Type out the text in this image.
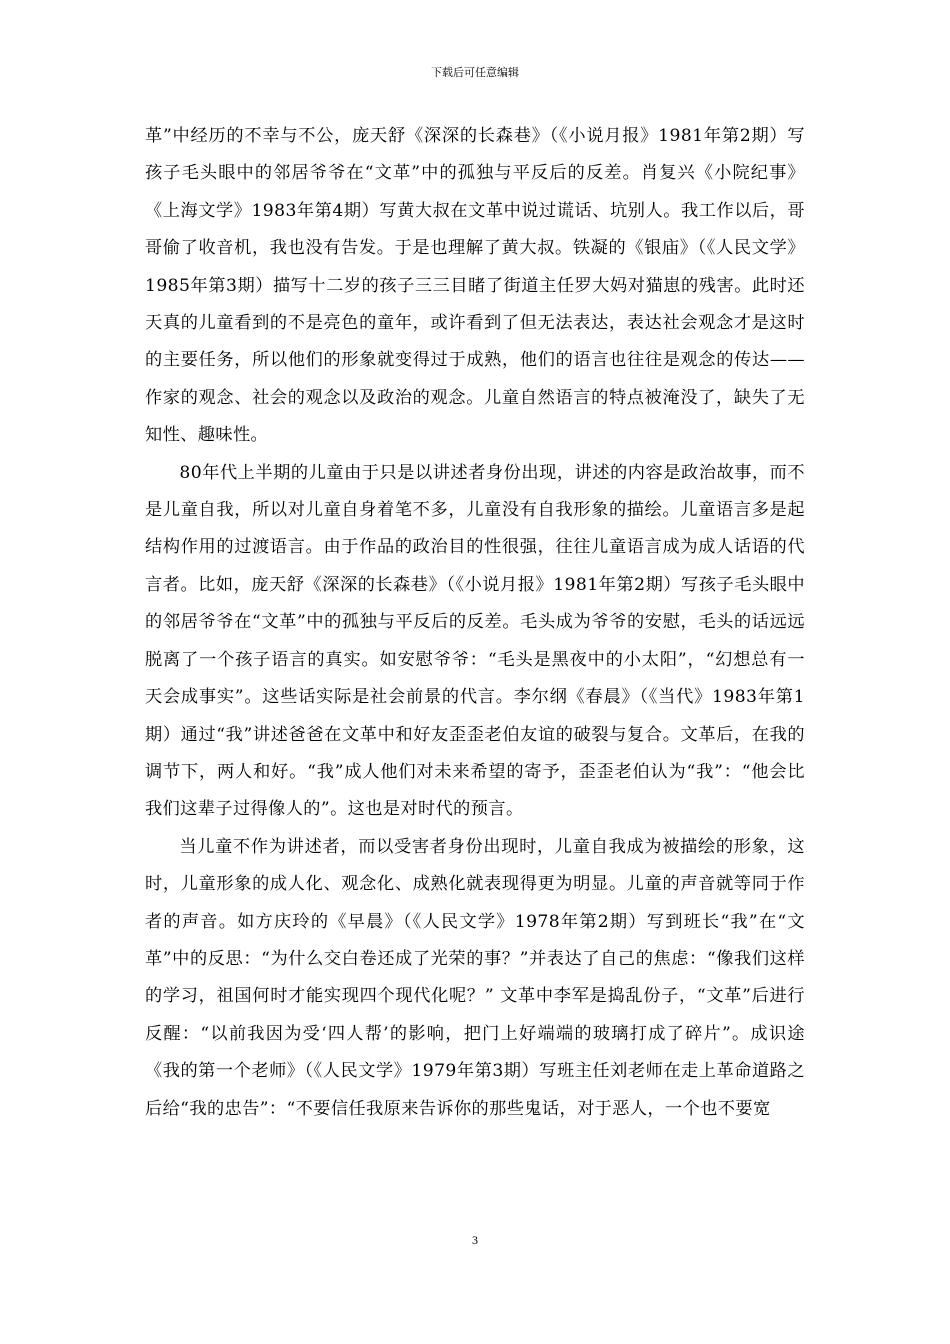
下载后可任意编辑

革”中经历的不幸与不公，庞天舒《深深的长森巷》（《小说月报》1981年第2期）写孩子毛头眼中的邻居爷爷在“文革”中的孤独与平反后的反差。肖复兴《小院纪事》《上海文学》1983年第4期）写黄大叔在文革中说过谎话、坑别人。我工作以后，哥哥偷了收音机，我也没有告发。于是也理解了黄大叔。铁凝的《银庙》（《人民文学》1985年第3期）描写十二岁的孩子三三目睹了街道主任罗大妈对猫崽的残害。此时还天真的儿童看到的不是亮色的童年，或许看到了但无法表达，表达社会观念才是这时的主要任务，所以他们的形象就变得过于成熟，他们的语言也往往是观念的传达——作家的观念、社会的观念以及政治的观念。儿童自然语言的特点被淹没了，缺失了无知性、趣味性。

80年代上半期的儿童由于只是以讲述者身份出现，讲述的内容是政治故事，而不是儿童自我，所以对儿童自身着笔不多，儿童没有自我形象的描绘。儿童语言多是起结构作用的过渡语言。由于作品的政治目的性很强，往往儿童语言成为成人话语的代言者。比如，庞天舒《深深的长森巷》（《小说月报》1981年第2期）写孩子毛头眼中的邻居爷爷在“文革”中的孤独与平反后的反差。毛头成为爷爷的安慰，毛头的话远远脱离了一个孩子语言的真实。如安慰爷爷：“毛头是黑夜中的小太阳”，“幻想总有一天会成事实”。这些话实际是社会前景的代言。李尔纲《春晨》（《当代》1983年第1期）通过“我”讲述爸爸在文革中和好友歪歪老伯友谊的破裂与复合。文革后，在我的调节下，两人和好。“我”成人他们对未来希望的寄予，歪歪老伯认为“我”：“他会比我们这辈子过得像人的”。这也是对时代的预言。

当儿童不作为讲述者，而以受害者身份出现时，儿童自我成为被描绘的形象，这时，儿童形象的成人化、观念化、成熟化就表现得更为明显。儿童的声音就等同于作者的声音。如方庆玲的《早晨》（《人民文学》1978年第2期）写到班长“我”在“文革”中的反思：“为什么交白卷还成了光荣的事？”并表达了自己的焦虑：“像我们这样的学习，祖国何时才能实现四个现代化呢？” 文革中李军是捣乱份子，“文革”后进行反醒：“以前我因为受‘四人帮’的影响，把门上好端端的玻璃打成了碎片”。成识途《我的第一个老师》（《人民文学》1979年第3期）写班主任刘老师在走上革命道路之后给“我的忠告”：“不要信任我原来告诉你的那些鬼话，对于恶人，一个也不要宽

3
